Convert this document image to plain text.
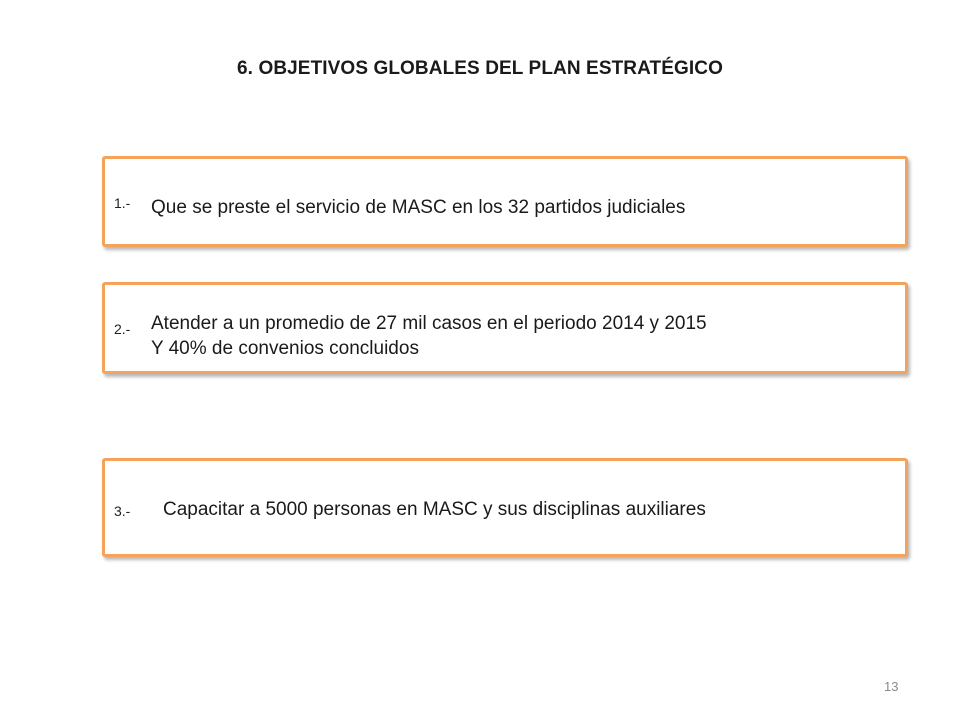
6. OBJETIVOS GLOBALES DEL PLAN ESTRATÉGICO
1.- Que se preste el servicio de MASC en los 32 partidos judiciales
2.- Atender a un promedio de 27 mil casos en el periodo 2014 y 2015
Y 40% de convenios concluidos
3.- Capacitar a 5000 personas en MASC y sus disciplinas auxiliares
13
